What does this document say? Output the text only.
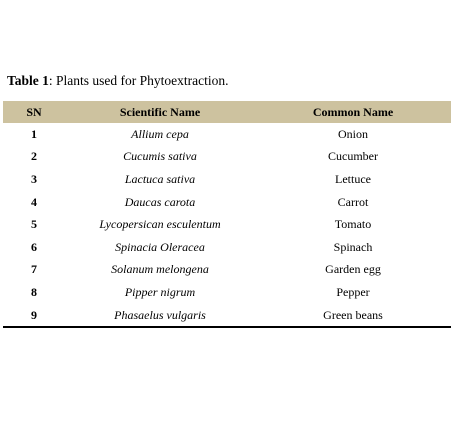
Table 1: Plants used for Phytoextraction.
SN	Scientific Name	Common Name
1	Allium cepa	Onion
2	Cucumis sativa	Cucumber
3	Lactuca sativa	Lettuce
4	Daucas carota	Carrot
5	Lycopersican esculentum	Tomato
6	Spinacia Oleracea	Spinach
7	Solanum melongena	Garden egg
8	Pipper nigrum	Pepper
9	Phasaelus vulgaris	Green beans
